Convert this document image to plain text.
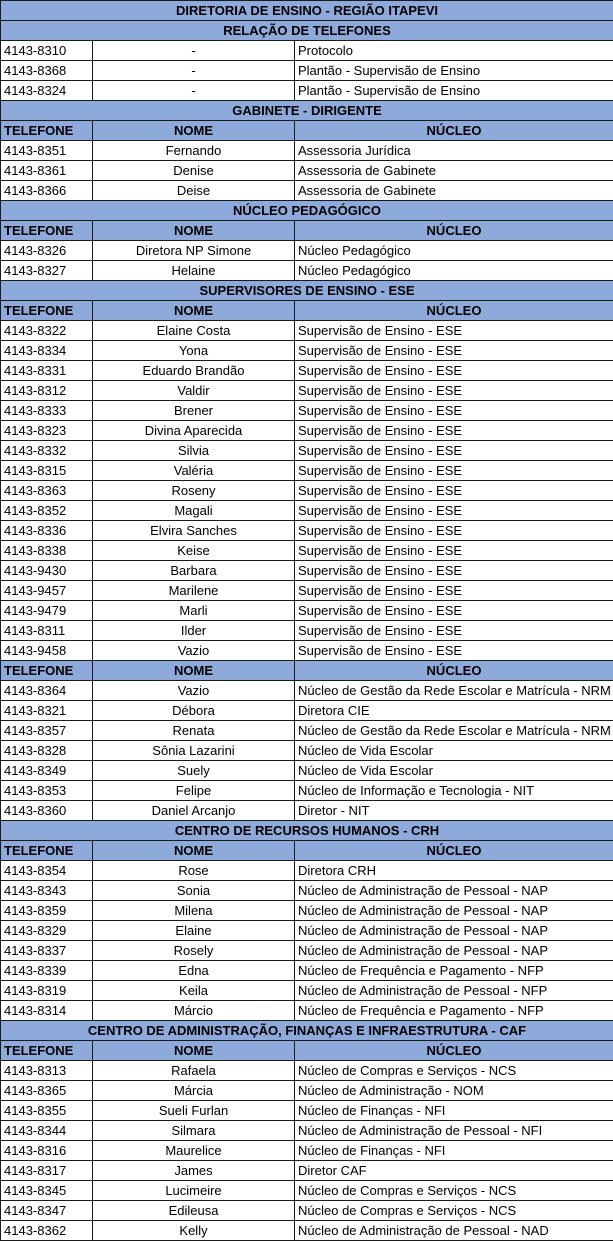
DIRETORIA DE ENSINO - REGIÃO ITAPEVI		
RELAÇÃO DE TELEFONES		
4143-8310	-	Protocolo
4143-8368	-	Plantão - Supervisão de Ensino
4143-8324	-	Plantão - Supervisão de Ensino
GABINETE - DIRIGENTE		
TELEFONE	NOME	NÚCLEO
4143-8351	Fernando	Assessoria Jurídica
4143-8361	Denise	Assessoria de Gabinete
4143-8366	Deise	Assessoria de Gabinete
NÚCLEO PEDAGÓGICO		
TELEFONE	NOME	NÚCLEO
4143-8326	Diretora NP Simone	Núcleo Pedagógico
4143-8327	Helaine	Núcleo Pedagógico
SUPERVISORES DE ENSINO - ESE		
TELEFONE	NOME	NÚCLEO
4143-8322	Elaine Costa	Supervisão de Ensino - ESE
4143-8334	Yona	Supervisão de Ensino - ESE
4143-8331	Eduardo Brandão	Supervisão de Ensino - ESE
4143-8312	Valdir	Supervisão de Ensino - ESE
4143-8333	Brener	Supervisão de Ensino - ESE
4143-8323	Divina Aparecida	Supervisão de Ensino - ESE
4143-8332	Silvia	Supervisão de Ensino - ESE
4143-8315	Valéria	Supervisão de Ensino - ESE
4143-8363	Roseny	Supervisão de Ensino - ESE
4143-8352	Magali	Supervisão de Ensino - ESE
4143-8336	Elvira Sanches	Supervisão de Ensino - ESE
4143-8338	Keise	Supervisão de Ensino - ESE
4143-9430	Barbara	Supervisão de Ensino - ESE
4143-9457	Marilene	Supervisão de Ensino - ESE
4143-9479	Marli	Supervisão de Ensino - ESE
4143-8311	Ilder	Supervisão de Ensino - ESE
4143-9458	Vazio	Supervisão de Ensino - ESE
TELEFONE	NOME	NÚCLEO
4143-8364	Vazio	Núcleo de Gestão da Rede Escolar e Matrícula - NRM
4143-8321	Débora	Diretora CIE
4143-8357	Renata	Núcleo de Gestão da Rede Escolar e Matrícula - NRM
4143-8328	Sônia Lazarini	Núcleo de Vida Escolar
4143-8349	Suely	Núcleo de Vida Escolar
4143-8353	Felipe	Núcleo de Informação e Tecnologia - NIT
4143-8360	Daniel Arcanjo	Diretor - NIT
CENTRO DE RECURSOS HUMANOS - CRH		
TELEFONE	NOME	NÚCLEO
4143-8354	Rose	Diretora CRH
4143-8343	Sonia	Núcleo de Administração de Pessoal - NAP
4143-8359	Milena	Núcleo de Administração de Pessoal - NAP
4143-8329	Elaine	Núcleo de Administração de Pessoal - NAP
4143-8337	Rosely	Núcleo de Administração de Pessoal - NAP
4143-8339	Edna	Núcleo de Frequência e Pagamento - NFP
4143-8319	Keila	Núcleo de Administração de Pessoal - NFP
4143-8314	Márcio	Núcleo de Frequência e Pagamento - NFP
CENTRO DE ADMINISTRAÇÃO, FINANÇAS E INFRAESTRUTURA - CAF		
TELEFONE	NOME	NÚCLEO
4143-8313	Rafaela	Núcleo de Compras e Serviços - NCS
4143-8365	Márcia	Núcleo de Administração - NOM
4143-8355	Sueli Furlan	Núcleo de Finanças - NFI
4143-8344	Silmara	Núcleo de Administração de Pessoal - NFI
4143-8316	Maurelice	Núcleo de Finanças - NFI
4143-8317	James	Diretor CAF
4143-8345	Lucimeire	Núcleo de Compras e Serviços - NCS
4143-8347	Edileusa	Núcleo de Compras e Serviços - NCS
4143-8362	Kelly	Núcleo de Administração de Pessoal - NAD
